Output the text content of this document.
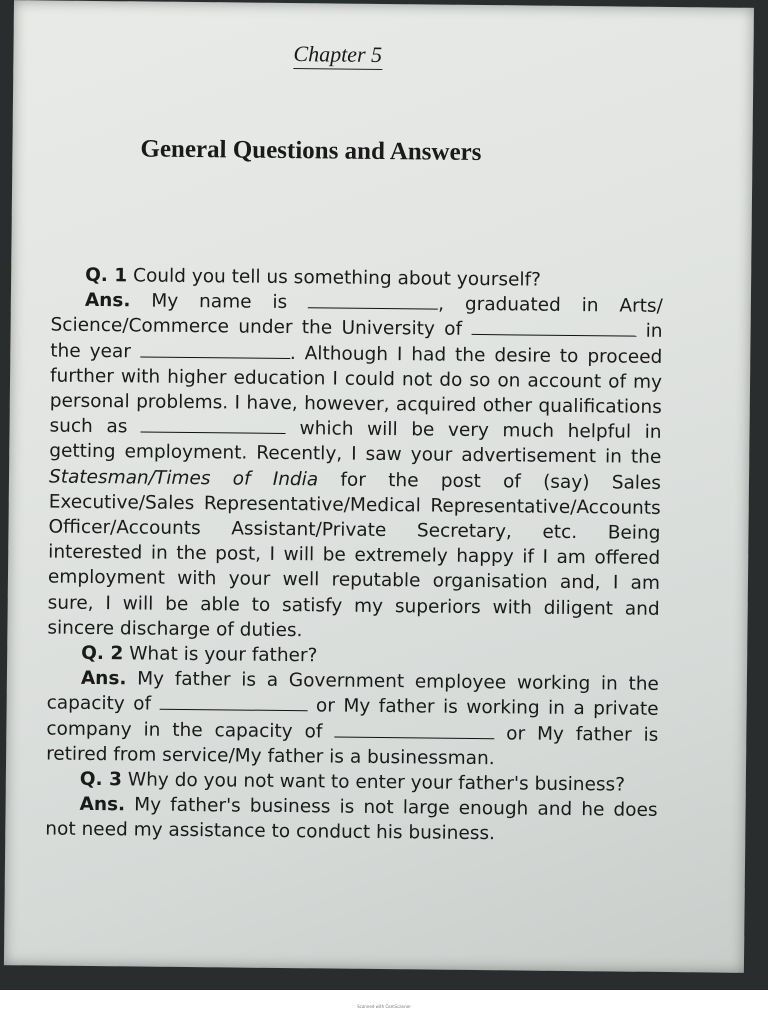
Chapter 5
General Questions and Answers

Q. 1 Could you tell us something about yourself?

Ans. My name is	, graduated in Arts/ Science/Commerce under the University of	in the year	. Although I had the desire to proceed further with higher education I could not do so on account of my personal problems. I have, however, acquired other qualifications such as	which will be very much helpful in getting employment. Recently, I saw your advertisement in the Statesman/Times of India for the post of (say) Sales Executive/Sales Representative/Medical Representative/Accounts Officer/Accounts Assistant/Private Secretary, etc. Being interested in the post, I will be extremely happy if I am offered employment with your well reputable organisation and, I am sure, I will be able to satisfy my superiors with diligent and sincere discharge of duties.

Q. 2 What is your father?

Ans. My father is a Government employee working in the capacity of	or My father is working in a private company in the capacity of	or My father is retired from service/My father is a businessman.

Q. 3 Why do you not want to enter your father's business?

Ans. My father's business is not large enough and he does not need my assistance to conduct his business.

Scanned with CamScanner
